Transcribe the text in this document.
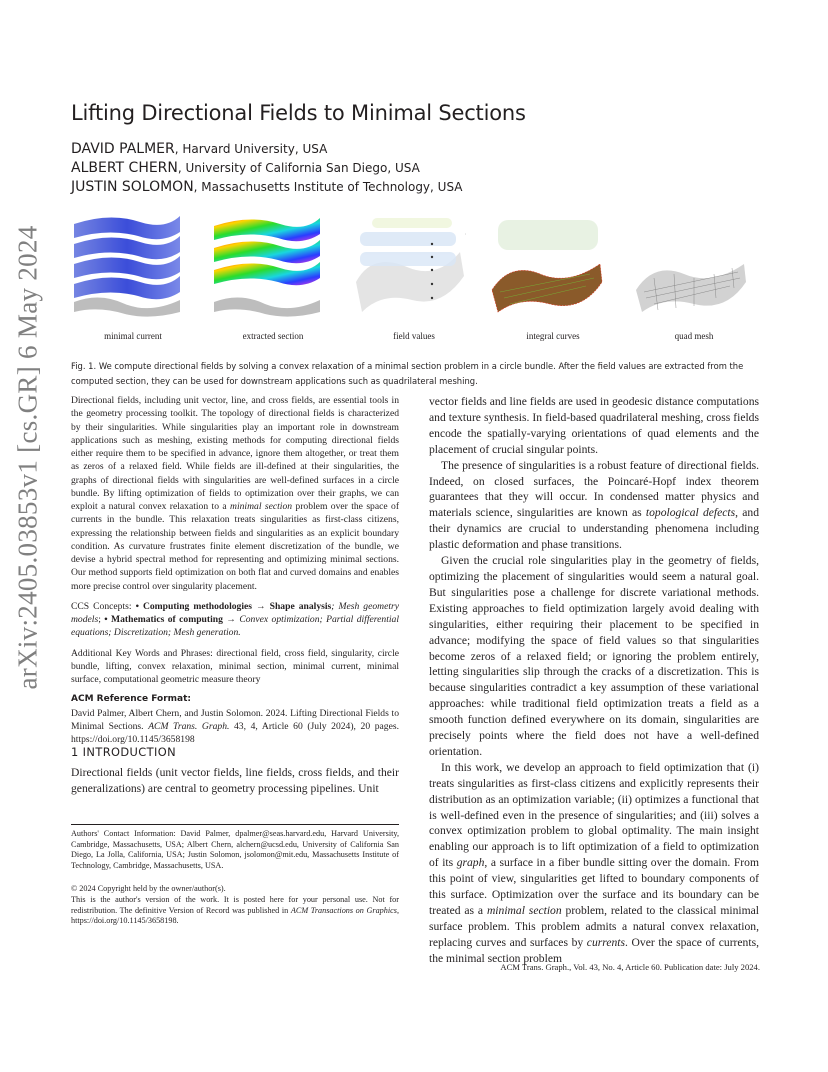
Lifting Directional Fields to Minimal Sections
DAVID PALMER, Harvard University, USA
ALBERT CHERN, University of California San Diego, USA
JUSTIN SOLOMON, Massachusetts Institute of Technology, USA
arXiv:2405.03853v1 [cs.GR] 6 May 2024	minimal current	extracted section	field values	integral curves	quad mesh
Fig. 1. We compute directional fields by solving a convex relaxation of a minimal section problem in a circle bundle. After the field values are extracted from the computed section, they can be used for downstream applications such as quadrilateral meshing.

Directional fields, including unit vector, line, and cross fields, are essential tools in the geometry processing toolkit. The topology of directional fields is characterized by their singularities. While singularities play an important role in downstream applications such as meshing, existing methods for computing directional fields either require them to be specified in advance, ignore them altogether, or treat them as zeros of a relaxed field. While fields are ill-defined at their singularities, the graphs of directional fields with singularities are well-defined surfaces in a circle bundle. By lifting optimization of fields to optimization over their graphs, we can exploit a natural convex relaxation to a minimal section problem over the space of currents in the bundle. This relaxation treats singularities as first-class citizens, expressing the relationship between fields and singularities as an explicit boundary condition. As curvature frustrates finite element discretization of the bundle, we devise a hybrid spectral method for representing and optimizing minimal sections. Our method supports field optimization on both flat and curved domains and enables more precise control over singularity placement.

CCS Concepts: • Computing methodologies → Shape analysis; Mesh geometry models; • Mathematics of computing → Convex optimization; Partial differential equations; Discretization; Mesh generation.

Additional Key Words and Phrases: directional field, cross field, singularity, circle bundle, lifting, convex relaxation, minimal section, minimal current, minimal surface, computational geometric measure theory

ACM Reference Format:

David Palmer, Albert Chern, and Justin Solomon. 2024. Lifting Directional Fields to Minimal Sections. ACM Trans. Graph. 43, 4, Article 60 (July 2024), 20 pages. https://doi.org/10.1145/3658198

1 INTRODUCTION
Directional fields (unit vector fields, line fields, cross fields, and their generalizations) are central to geometry processing pipelines. Unit
Authors' Contact Information: David Palmer, dpalmer@seas.harvard.edu, Harvard University, Cambridge, Massachusetts, USA; Albert Chern, alchern@ucsd.edu, University of California San Diego, La Jolla, California, USA; Justin Solomon, jsolomon@mit.edu, Massachusetts Institute of Technology, Cambridge, Massachusetts, USA.
© 2024 Copyright held by the owner/author(s).
This is the author's version of the work. It is posted here for your personal use. Not for redistribution. The definitive Version of Record was published in ACM Transactions on Graphics, https://doi.org/10.1145/3658198.

vector fields and line fields are used in geodesic distance computations and texture synthesis. In field-based quadrilateral meshing, cross fields encode the spatially-varying orientations of quad elements and the placement of crucial singular points.

The presence of singularities is a robust feature of directional fields. Indeed, on closed surfaces, the Poincaré-Hopf index theorem guarantees that they will occur. In condensed matter physics and materials science, singularities are known as topological defects, and their dynamics are crucial to understanding phenomena including plastic deformation and phase transitions.

Given the crucial role singularities play in the geometry of fields, optimizing the placement of singularities would seem a natural goal. But singularities pose a challenge for discrete variational methods. Existing approaches to field optimization largely avoid dealing with singularities, either requiring their placement to be specified in advance; modifying the space of field values so that singularities become zeros of a relaxed field; or ignoring the problem entirely, letting singularities slip through the cracks of a discretization. This is because singularities contradict a key assumption of these variational approaches: while traditional field optimization treats a field as a smooth function defined everywhere on its domain, singularities are precisely points where the field does not have a well-defined orientation.

In this work, we develop an approach to field optimization that (i) treats singularities as first-class citizens and explicitly represents their distribution as an optimization variable; (ii) optimizes a functional that is well-defined even in the presence of singularities; and (iii) solves a convex optimization problem to global optimality. The main insight enabling our approach is to lift optimization of a field to optimization of its graph, a surface in a fiber bundle sitting over the domain. From this point of view, singularities get lifted to boundary components of this surface. Optimization over the surface and its boundary can be treated as a minimal section problem, related to the classical minimal surface problem. This problem admits a natural convex relaxation, replacing curves and surfaces by currents. Over the space of currents, the minimal section problem

ACM Trans. Graph., Vol. 43, No. 4, Article 60. Publication date: July 2024.
